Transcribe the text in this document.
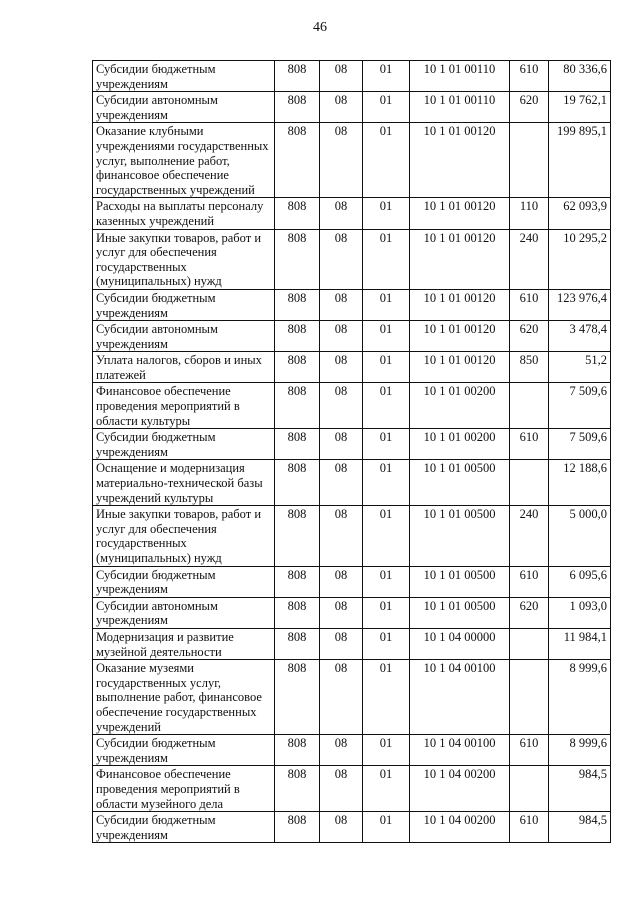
46
Субсидии бюджетным учреждениям	808	08	01	10 1 01 00110	610	80 336,6
Субсидии автономным учреждениям	808	08	01	10 1 01 00110	620	19 762,1
Оказание клубными учреждениями государственных услуг, выполнение работ, финансовое обеспечение государственных учреждений	808	08	01	10 1 01 00120		199 895,1
Расходы на выплаты персоналу казенных учреждений	808	08	01	10 1 01 00120	110	62 093,9
Иные закупки товаров, работ и услуг для обеспечения государственных (муниципальных) нужд	808	08	01	10 1 01 00120	240	10 295,2
Субсидии бюджетным учреждениям	808	08	01	10 1 01 00120	610	123 976,4
Субсидии автономным учреждениям	808	08	01	10 1 01 00120	620	3 478,4
Уплата налогов, сборов и иных платежей	808	08	01	10 1 01 00120	850	51,2
Финансовое обеспечение проведения мероприятий в области культуры	808	08	01	10 1 01 00200		7 509,6
Субсидии бюджетным учреждениям	808	08	01	10 1 01 00200	610	7 509,6
Оснащение и модернизация материально-технической базы учреждений культуры	808	08	01	10 1 01 00500		12 188,6
Иные закупки товаров, работ и услуг для обеспечения государственных (муниципальных) нужд	808	08	01	10 1 01 00500	240	5 000,0
Субсидии бюджетным учреждениям	808	08	01	10 1 01 00500	610	6 095,6
Субсидии автономным учреждениям	808	08	01	10 1 01 00500	620	1 093,0
Модернизация и развитие музейной деятельности	808	08	01	10 1 04 00000		11 984,1
Оказание музеями государственных услуг, выполнение работ, финансовое обеспечение государственных учреждений	808	08	01	10 1 04 00100		8 999,6
Субсидии бюджетным учреждениям	808	08	01	10 1 04 00100	610	8 999,6
Финансовое обеспечение проведения мероприятий в области музейного дела	808	08	01	10 1 04 00200		984,5
Субсидии бюджетным учреждениям	808	08	01	10 1 04 00200	610	984,5
